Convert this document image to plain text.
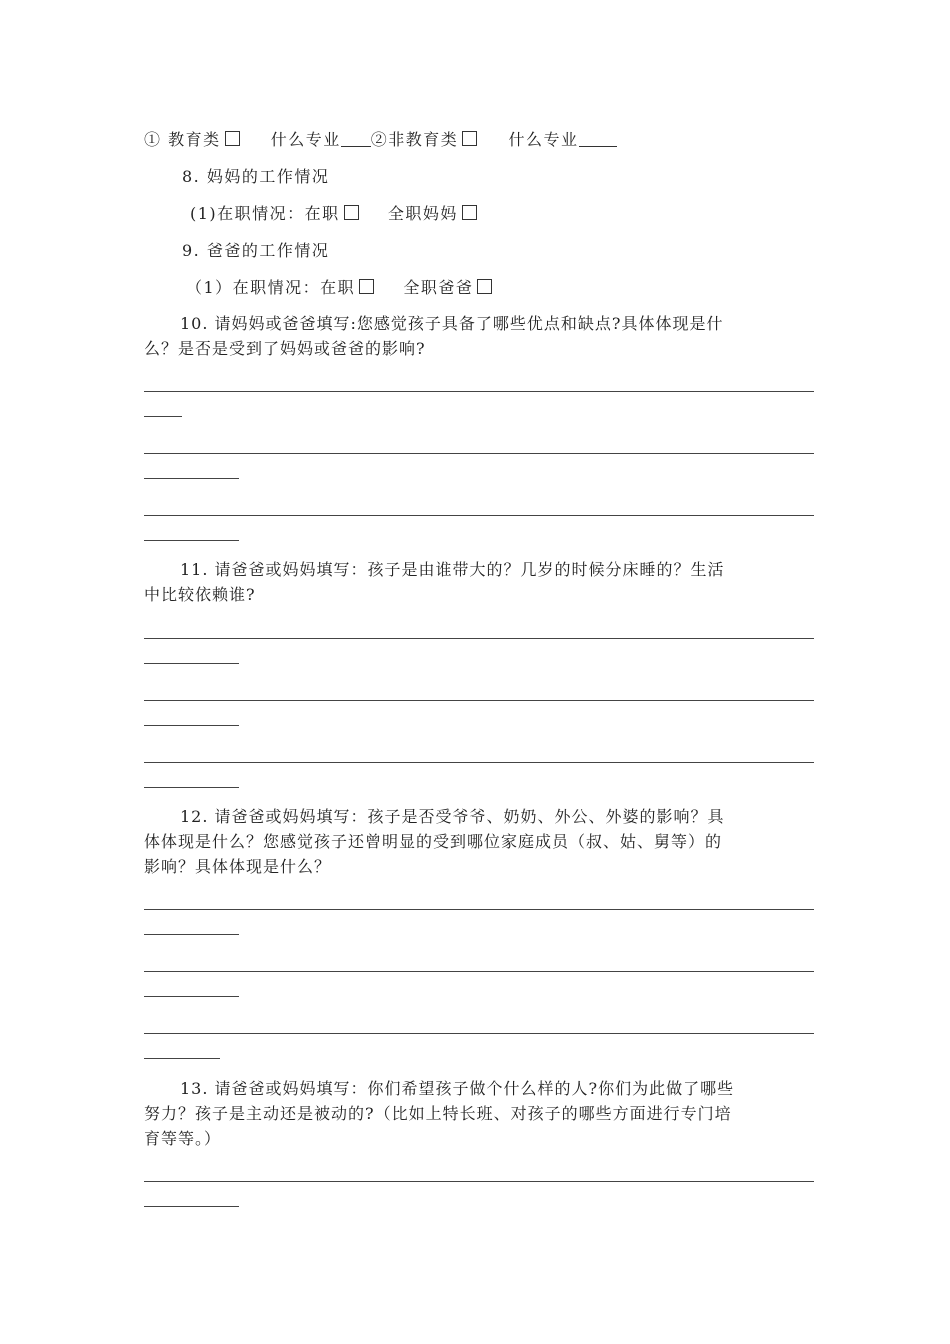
① 教育类	什么专业 ②非教育类	什么专业
8. 妈妈的工作情况
(1)在职情况：在职	全职妈妈
9. 爸爸的工作情况
（1）在职情况：在职	全职爸爸
10. 请妈妈或爸爸填写:您感觉孩子具备了哪些优点和缺点?具体体现是什
么？是否是受到了妈妈或爸爸的影响?
11. 请爸爸或妈妈填写：孩子是由谁带大的？几岁的时候分床睡的？生活
中比较依赖谁?
12. 请爸爸或妈妈填写：孩子是否受爷爷、奶奶、外公、外婆的影响？具
体体现是什么？您感觉孩子还曾明显的受到哪位家庭成员（叔、姑、舅等）的
影响？具体体现是什么？
13. 请爸爸或妈妈填写：你们希望孩子做个什么样的人?你们为此做了哪些
努力？孩子是主动还是被动的?（比如上特长班、对孩子的哪些方面进行专门培
育等等。）
